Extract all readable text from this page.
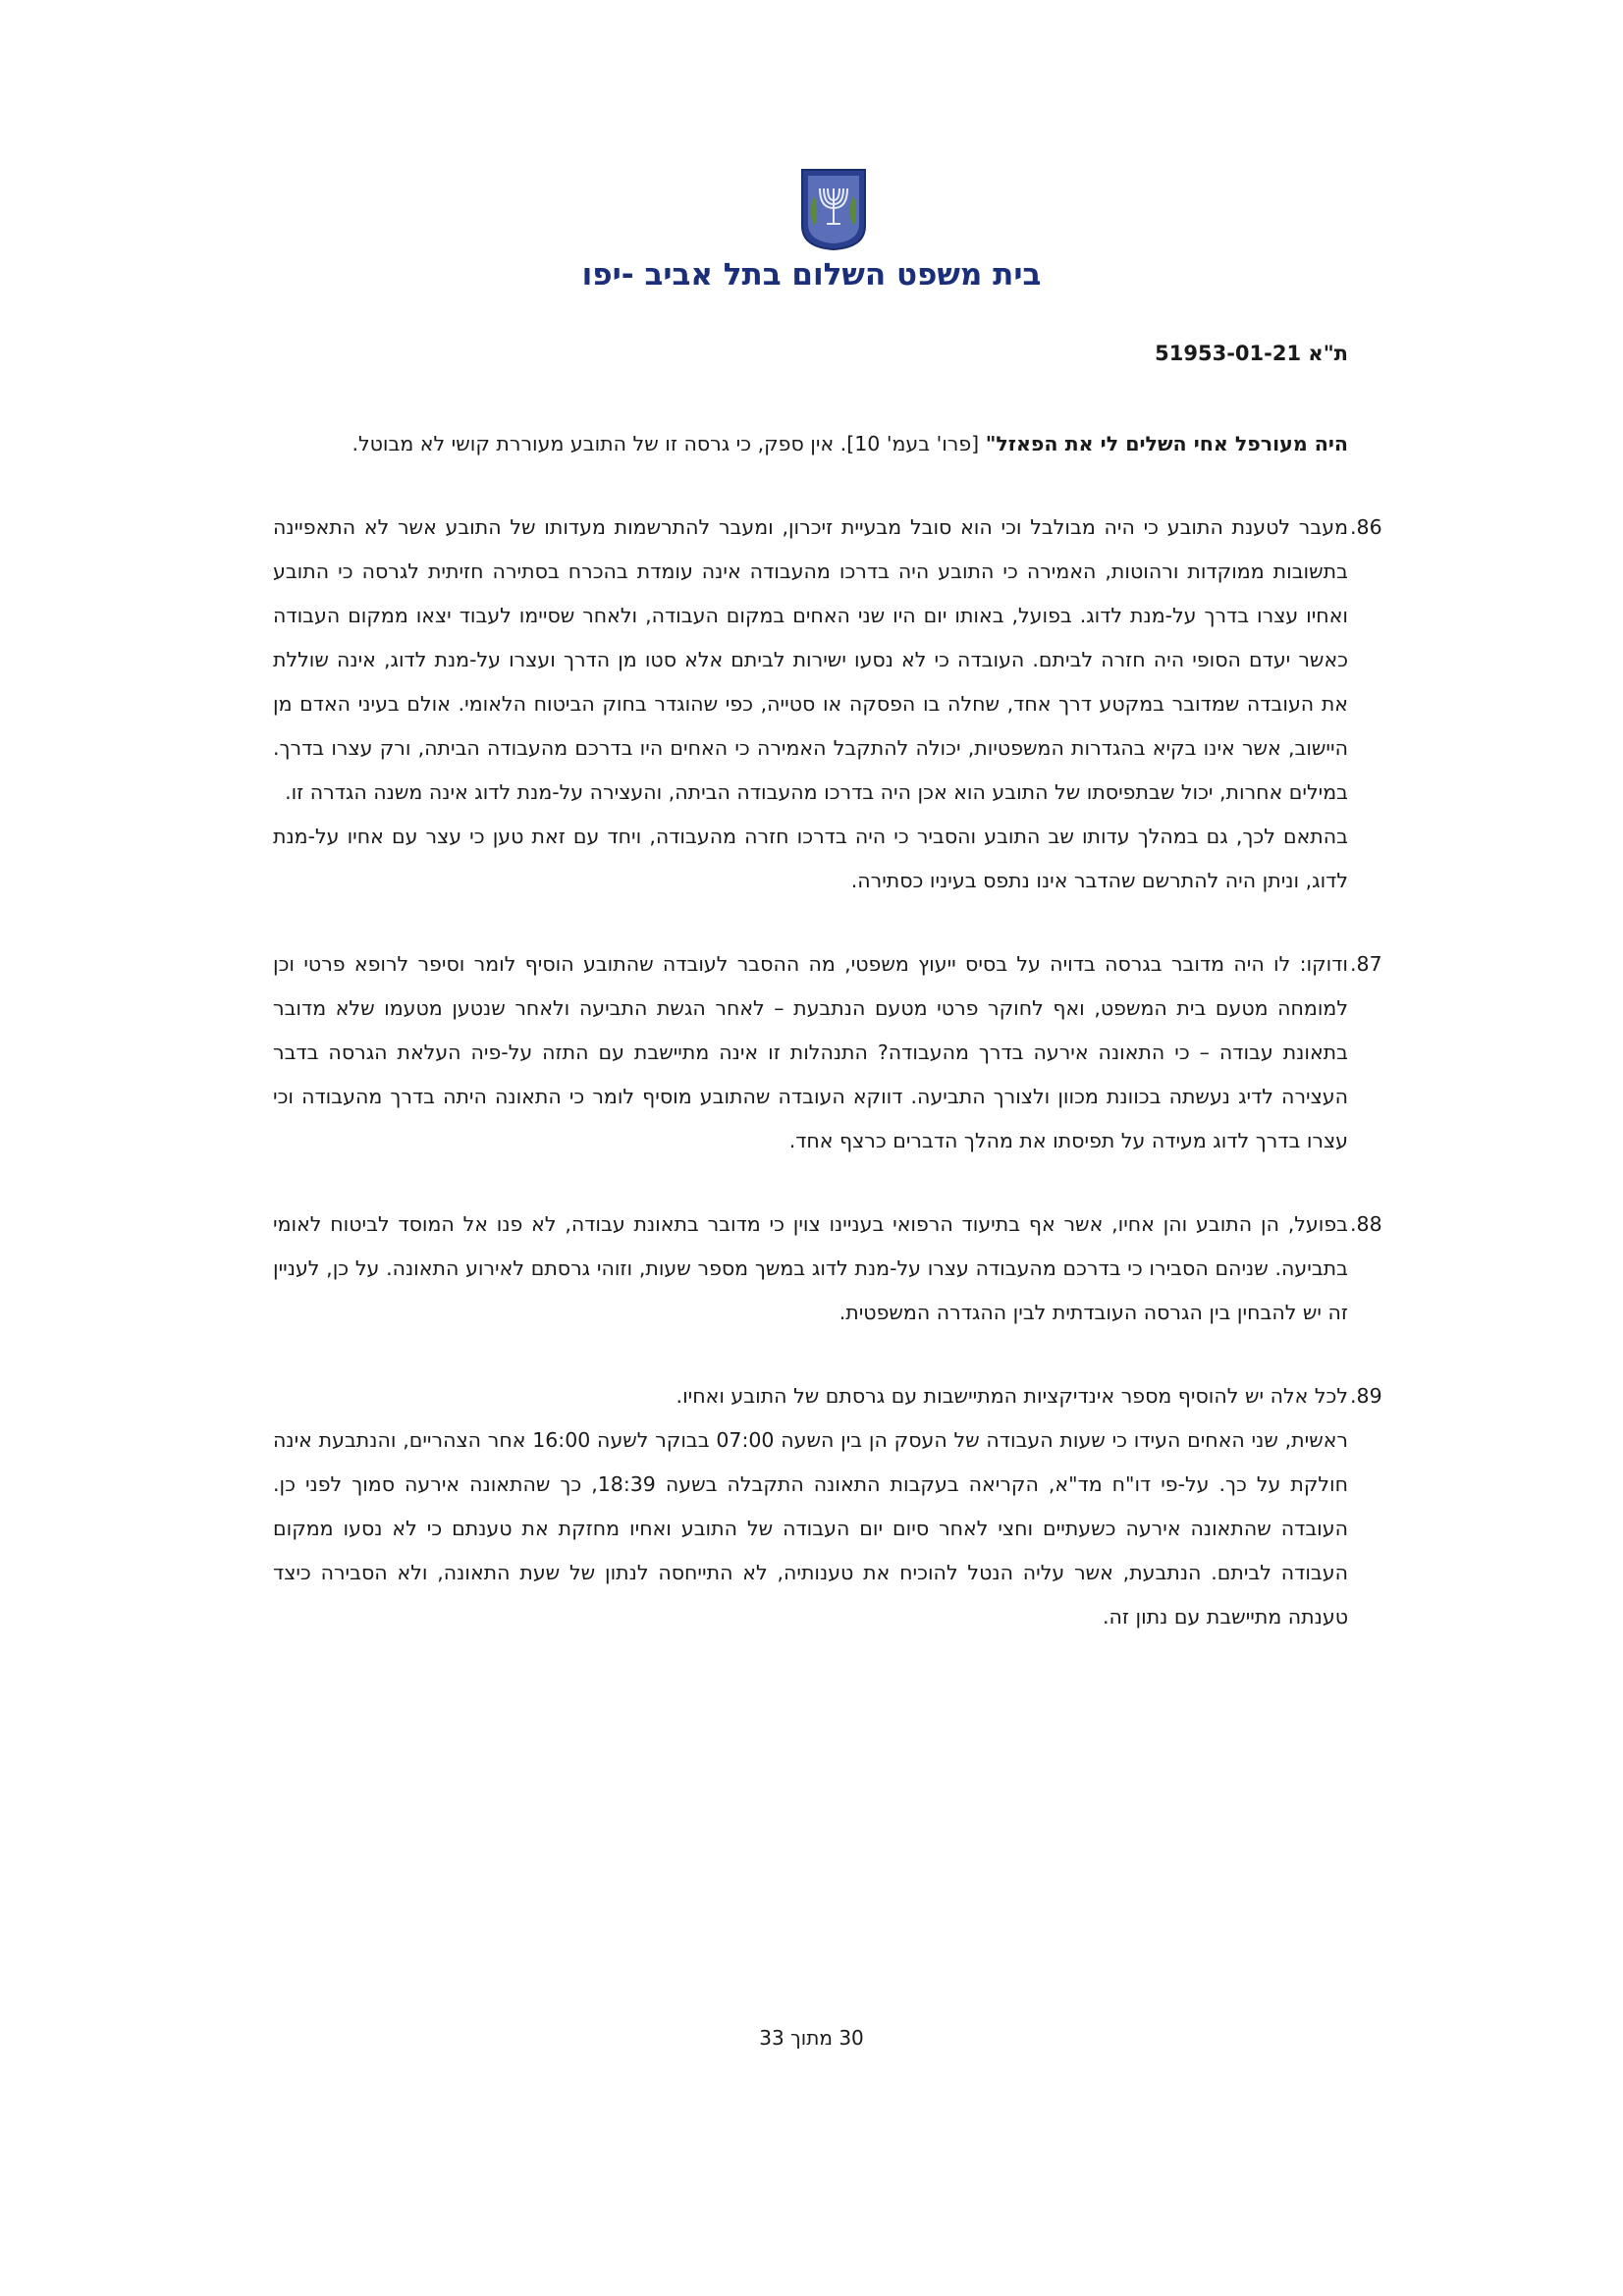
בית משפט השלום בתל אביב -יפו
ת"א 51953-01-21

היה מעורפל אחי השלים לי את הפאזל" [פרו' בעמ' 10]. אין ספק, כי גרסה זו של התובע מעוררת קושי לא מבוטל.

86.

מעבר לטענת התובע כי היה מבולבל וכי הוא סובל מבעיית זיכרון, ומעבר להתרשמות מעדותו של התובע אשר לא התאפיינה בתשובות ממוקדות ורהוטות, האמירה כי התובע היה בדרכו מהעבודה אינה עומדת בהכרח בסתירה חזיתית לגרסה כי התובע ואחיו עצרו בדרך על-מנת לדוג. בפועל, באותו יום היו שני האחים במקום העבודה, ולאחר שסיימו לעבוד יצאו ממקום העבודה כאשר יעדם הסופי היה חזרה לביתם. העובדה כי לא נסעו ישירות לביתם אלא סטו מן הדרך ועצרו על-מנת לדוג, אינה שוללת את העובדה שמדובר במקטע דרך אחד, שחלה בו הפסקה או סטייה, כפי שהוגדר בחוק הביטוח הלאומי. אולם בעיני האדם מן היישוב, אשר אינו בקיא בהגדרות המשפטיות, יכולה להתקבל האמירה כי האחים היו בדרכם מהעבודה הביתה, ורק עצרו בדרך. במילים אחרות, יכול שבתפיסתו של התובע הוא אכן היה בדרכו מהעבודה הביתה, והעצירה על-מנת לדוג אינה משנה הגדרה זו.

בהתאם לכך, גם במהלך עדותו שב התובע והסביר כי היה בדרכו חזרה מהעבודה, ויחד עם זאת טען כי עצר עם אחיו על-מנת לדוג, וניתן היה להתרשם שהדבר אינו נתפס בעיניו כסתירה.

87.

ודוקו: לו היה מדובר בגרסה בדויה על בסיס ייעוץ משפטי, מה ההסבר לעובדה שהתובע הוסיף לומר וסיפר לרופא פרטי וכן למומחה מטעם בית המשפט, ואף לחוקר פרטי מטעם הנתבעת – לאחר הגשת התביעה ולאחר שנטען מטעמו שלא מדובר בתאונת עבודה – כי התאונה אירעה בדרך מהעבודה? התנהלות זו אינה מתיישבת עם התזה על-פיה העלאת הגרסה בדבר העצירה לדיג נעשתה בכוונת מכוון ולצורך התביעה. דווקא העובדה שהתובע מוסיף לומר כי התאונה היתה בדרך מהעבודה וכי עצרו בדרך לדוג מעידה על תפיסתו את מהלך הדברים כרצף אחד.

88.

בפועל, הן התובע והן אחיו, אשר אף בתיעוד הרפואי בעניינו צוין כי מדובר בתאונת עבודה, לא פנו אל המוסד לביטוח לאומי בתביעה. שניהם הסבירו כי בדרכם מהעבודה עצרו על-מנת לדוג במשך מספר שעות, וזוהי גרסתם לאירוע התאונה. על כן, לעניין זה יש להבחין בין הגרסה העובדתית לבין ההגדרה המשפטית.

89.

לכל אלה יש להוסיף מספר אינדיקציות המתיישבות עם גרסתם של התובע ואחיו.

ראשית, שני האחים העידו כי שעות העבודה של העסק הן בין השעה 07:00 בבוקר לשעה 16:00 אחר הצהריים, והנתבעת אינה חולקת על כך. על-פי דו"ח מד"א, הקריאה בעקבות התאונה התקבלה בשעה 18:39, כך שהתאונה אירעה סמוך לפני כן. העובדה שהתאונה אירעה כשעתיים וחצי לאחר סיום יום העבודה של התובע ואחיו מחזקת את טענתם כי לא נסעו ממקום העבודה לביתם. הנתבעת, אשר עליה הנטל להוכיח את טענותיה, לא התייחסה לנתון של שעת התאונה, ולא הסבירה כיצד טענתה מתיישבת עם נתון זה.

30 מתוך 33
